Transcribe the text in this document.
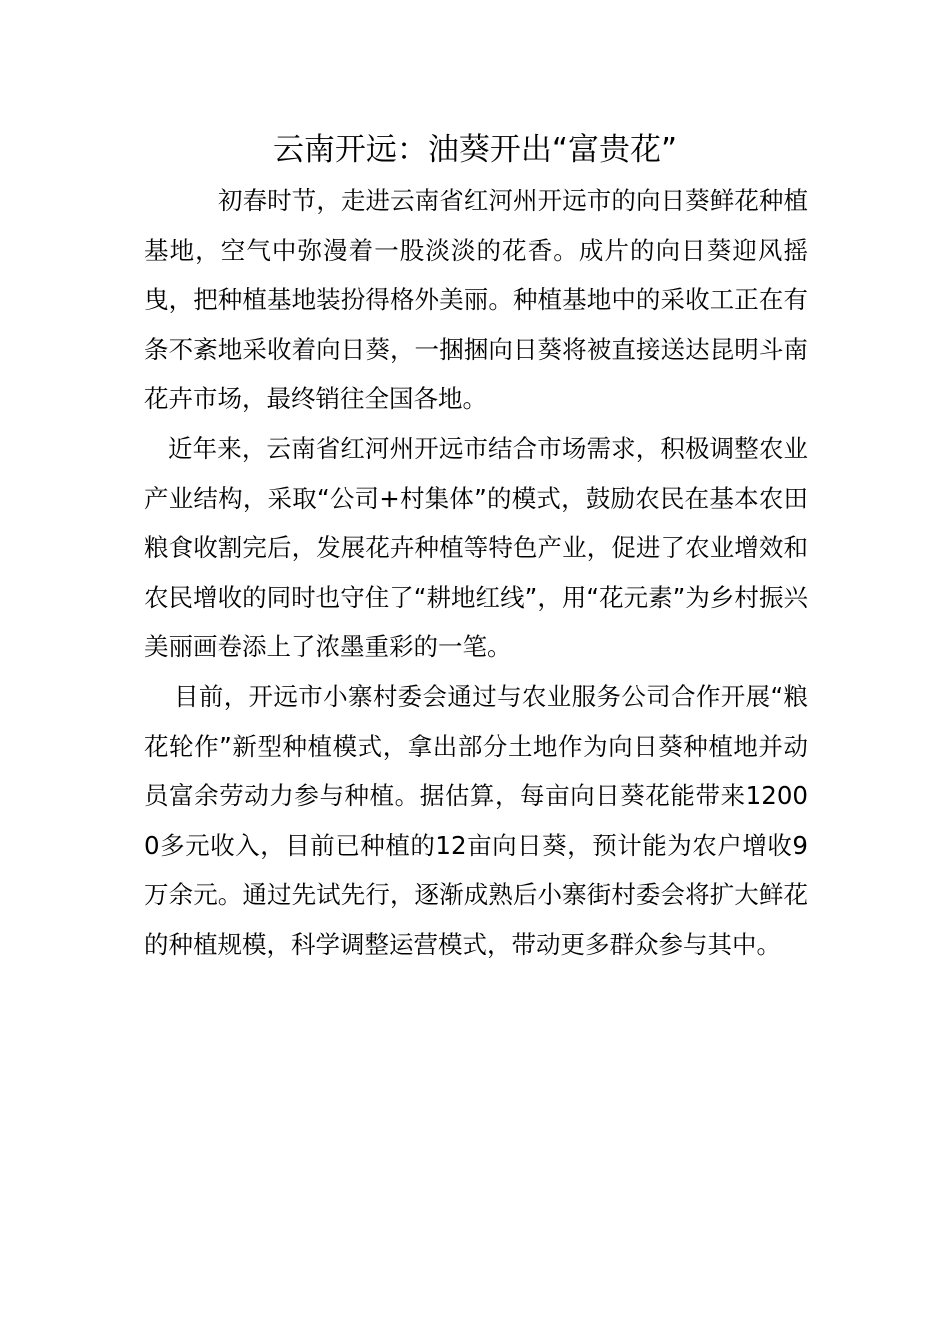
云南开远：油葵开出“富贵花”

初春时节，走进云南省红河州开远市的向日葵鲜花种植基地，空气中弥漫着一股淡淡的花香。成片的向日葵迎风摇曳，把种植基地装扮得格外美丽。种植基地中的采收工正在有条不紊地采收着向日葵，一捆捆向日葵将被直接送达昆明斗南花卉市场，最终销往全国各地。

近年来，云南省红河州开远市结合市场需求，积极调整农业产业结构，采取“公司+村集体”的模式，鼓励农民在基本农田粮食收割完后，发展花卉种植等特色产业，促进了农业增效和农民增收的同时也守住了“耕地红线”，用“花元素”为乡村振兴美丽画卷添上了浓墨重彩的一笔。

目前，开远市小寨村委会通过与农业服务公司合作开展“粮花轮作”新型种植模式，拿出部分土地作为向日葵种植地并动员富余劳动力参与种植。据估算，每亩向日葵花能带来12000多元收入，目前已种植的12亩向日葵，预计能为农户增收9万余元。通过先试先行，逐渐成熟后小寨街村委会将扩大鲜花的种植规模，科学调整运营模式，带动更多群众参与其中。
